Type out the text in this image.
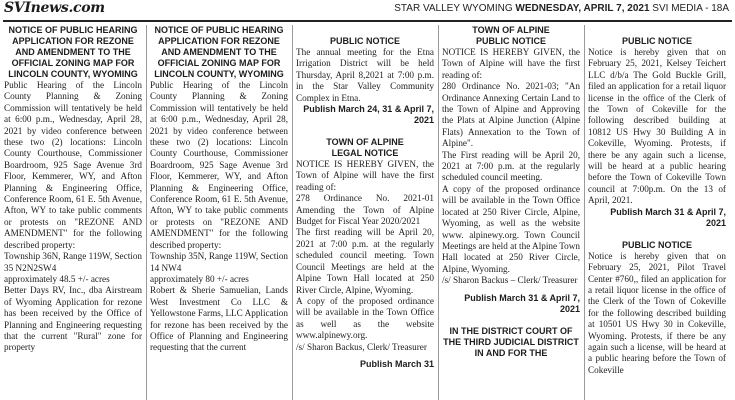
SVInews.com	STAR VALLEY WYOMING WEDNESDAY, APRIL 7, 2021 SVI MEDIA - 18A

NOTICE OF PUBLIC HEARING APPLICATION FOR REZONE AND AMENDMENT TO THE OFFICIAL ZONING MAP FOR LINCOLN COUNTY, WYOMING

Public Hearing of the Lincoln County Planning & Zoning Commission will tentatively be held at 6:00 p.m., Wednesday, April 28, 2021 by video conference between these two (2) locations: Lincoln County Courthouse, Commissioner Boardroom, 925 Sage Avenue 3rd Floor, Kemmerer, WY, and Afton Planning & Engineering Office, Conference Room, 61 E. 5th Avenue, Afton, WY to take public comments or protests on "REZONE AND AMENDMENT" for the following described property:

Township 36N, Range 119W, Section 35 N2N2SW4

approximately 48.5 +/- acres

Better Days RV, Inc., dba Airstream of Wyoming Application for rezone has been received by the Office of Planning and Engineering requesting that the current "Rural" zone for property

NOTICE OF PUBLIC HEARING APPLICATION FOR REZONE AND AMENDMENT TO THE OFFICIAL ZONING MAP FOR LINCOLN COUNTY, WYOMING

Public Hearing of the Lincoln County Planning & Zoning Commission will tentatively be held at 6:00 p.m., Wednesday, April 28, 2021 by video conference between these two (2) locations: Lincoln County Courthouse, Commissioner Boardroom, 925 Sage Avenue 3rd Floor, Kemmerer, WY, and Afton Planning & Engineering Office, Conference Room, 61 E. 5th Avenue, Afton, WY to take public comments or protests on "REZONE AND AMENDMENT" for the following described property:

Township 35N, Range 119W, Section 14 NW4

approximately 80 +/- acres

Robert & Sherie Samuelian, Lands West Investment Co LLC & Yellowstone Farms, LLC Application for rezone has been received by the Office of Planning and Engineering requesting that the current

PUBLIC NOTICE

The annual meeting for the Etna Irrigation District will be held Thursday, April 8,2021 at 7:00 p.m. in the Star Valley Community Complex in Etna.

Publish March 24, 31 & April 7, 2021

TOWN OF ALPINE

LEGAL NOTICE

NOTICE IS HEREBY GIVEN, the Town of Alpine will have the first reading of:

278 Ordinance No. 2021-01 Amending the Town of Alpine Budget for Fiscal Year 2020/2021

The first reading will be April 20, 2021 at 7:00 p.m. at the regularly scheduled council meeting. Town Council Meetings are held at the Alpine Town Hall located at 250 River Circle, Alpine, Wyoming.

A copy of the proposed ordinance will be available in the Town Office as well as the website www.alpinewy.org.

/s/ Sharon Backus, Clerk/ Treasurer

Publish March 31

TOWN OF ALPINE

PUBLIC NOTICE

NOTICE IS HEREBY GIVEN, the Town of Alpine will have the first reading of:

280 Ordinance No. 2021-03; "An Ordinance Annexing Certain Land to the Town of Alpine and Approving the Plats at Alpine Junction (Alpine Flats) Annexation to the Town of Alpine".

The First reading will be April 20, 2021 at 7:00 p.m. at the regularly scheduled council meeting.

A copy of the proposed ordinance will be available in the Town Office located at 250 River Circle, Alpine, Wyoming, as well as the website www. alpinewy.org. Town Council Meetings are held at the Alpine Town Hall located at 250 River Circle, Alpine, Wyoming.

/s/ Sharon Backus – Clerk/ Treasurer

Publish March 31 & April 7, 2021

IN THE DISTRICT COURT OF THE THIRD JUDICIAL DISTRICT IN AND FOR THE

PUBLIC NOTICE

Notice is hereby given that on February 25, 2021, Kelsey Teichert LLC d/b/a The Gold Buckle Grill, filed an application for a retail liquor license in the office of the Clerk of the Town of Cokeville for the following described building at 10812 US Hwy 30 Building A in Cokeville, Wyoming. Protests, if there be any again such a license, will be heard at a public hearing before the Town of Cokeville Town council at 7:00p.m. On the 13 of April, 2021.

Publish March 31 & April 7, 2021

PUBLIC NOTICE

Notice is hereby given that on February 25, 2021, Pilot Travel Center #760,, filed an application for a retail liquor license in the office of the Clerk of the Town of Cokeville for the following described building at 10501 US Hwy 30 in Cokeville, Wyoming. Protests, if there be any again such a license, will be heard at a public hearing before the Town of Cokeville
